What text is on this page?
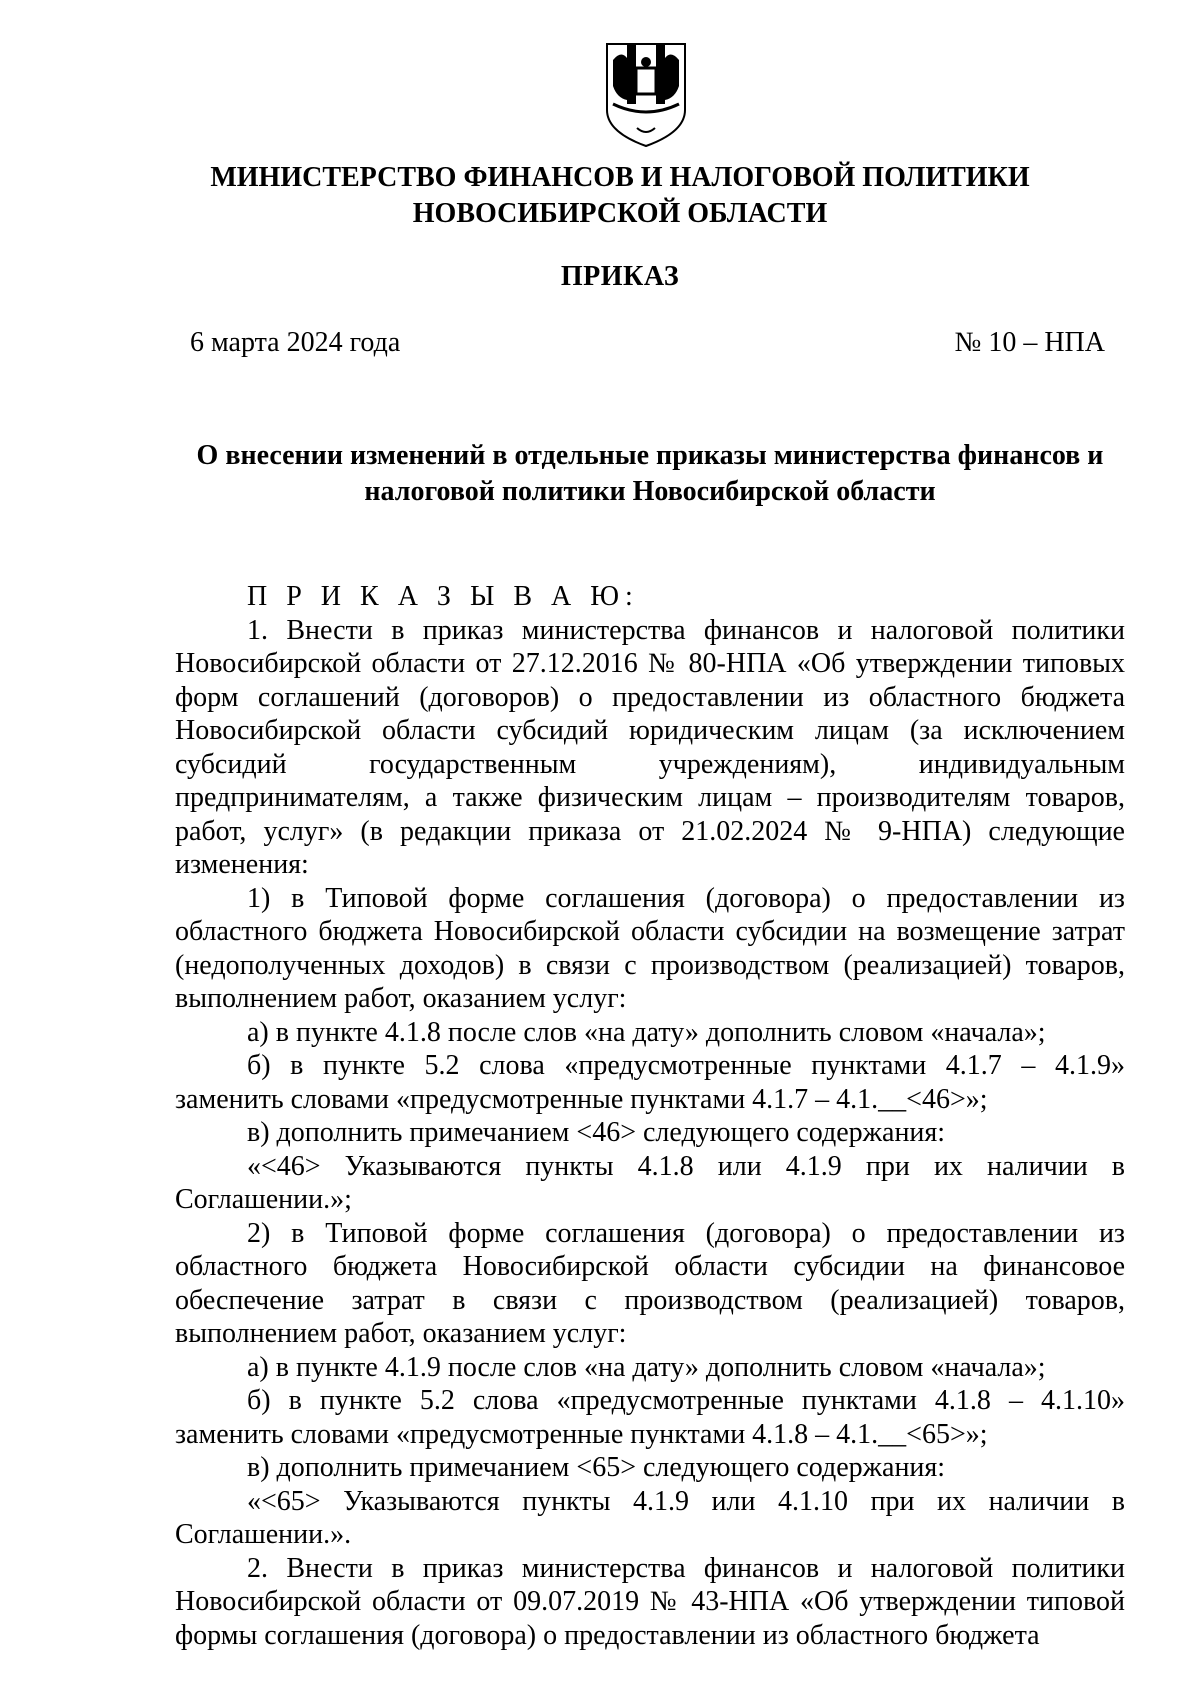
МИНИСТЕРСТВО ФИНАНСОВ И НАЛОГОВОЙ ПОЛИТИКИ
НОВОСИБИРСКОЙ ОБЛАСТИ
ПРИКАЗ
6 марта 2024 года	№ 10 – НПА
О внесении изменений в отдельные приказы министерства финансов и налоговой политики Новосибирской области

П Р И К А З Ы В А Ю:

1. Внести в приказ министерства финансов и налоговой политики Новосибирской области от 27.12.2016 № 80-НПА «Об утверждении типовых форм соглашений (договоров) о предоставлении из областного бюджета Новосибирской области субсидий юридическим лицам (за исключением субсидий государственным учреждениям), индивидуальным предпринимателям, а также физическим лицам – производителям товаров, работ, услуг» (в редакции приказа от 21.02.2024 № 9-НПА) следующие изменения:

1) в Типовой форме соглашения (договора) о предоставлении из областного бюджета Новосибирской области субсидии на возмещение затрат (недополученных доходов) в связи с производством (реализацией) товаров, выполнением работ, оказанием услуг:

а) в пункте 4.1.8 после слов «на дату» дополнить словом «начала»;

б) в пункте 5.2 слова «предусмотренные пунктами 4.1.7 – 4.1.9» заменить словами «предусмотренные пунктами 4.1.7 – 4.1.__<46>»;

в) дополнить примечанием <46> следующего содержания:

«<46> Указываются пункты 4.1.8 или 4.1.9 при их наличии в Соглашении.»;

2) в Типовой форме соглашения (договора) о предоставлении из областного бюджета Новосибирской области субсидии на финансовое обеспечение затрат в связи с производством (реализацией) товаров, выполнением работ, оказанием услуг:

а) в пункте 4.1.9 после слов «на дату» дополнить словом «начала»;

б) в пункте 5.2 слова «предусмотренные пунктами 4.1.8 – 4.1.10» заменить словами «предусмотренные пунктами 4.1.8 – 4.1.__<65>»;

в) дополнить примечанием <65> следующего содержания:

«<65> Указываются пункты 4.1.9 или 4.1.10 при их наличии в Соглашении.».

2. Внести в приказ министерства финансов и налоговой политики Новосибирской области от 09.07.2019 № 43-НПА «Об утверждении типовой формы соглашения (договора) о предоставлении из областного бюджета
